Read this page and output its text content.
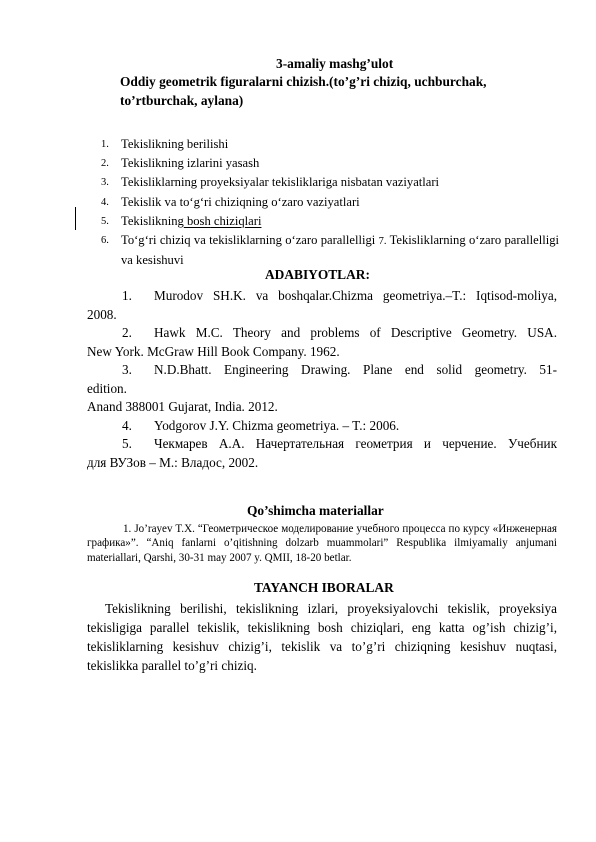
3-amaliy mashg’ulot
Oddiy geometrik figuralarni chizish.(to’g’ri chiziq, uchburchak,
to’rtburchak, aylana)
1. Tekislikning berilishi
2. Tekislikning izlarini yasash
3. Tekisliklarning proyeksiyalar tekisliklariga nisbatan vaziyatlari
4. Tekislik va to‘g‘ri chiziqning o‘zaro vaziyatlari
5. Tekislikning bosh chiziqlari
6. To‘g‘ri chiziq va tekisliklarning o‘zaro parallelligi 7. Tekisliklarning o‘zaro parallelligi va kesishuvi
ADABIYOTLAR:
1.	Murodov SH.K. va boshqalar.Chizma geometriya.–T.: Iqtisod-moliya,
2008.
2.	Hawk M.C. Theory and problems of Descriptive Geometry. USA.
New York. McGraw Hill Book Company. 1962.
3.	N.D.Bhatt. Engineering Drawing. Plane end solid geometry. 51-
edition.
Anand 388001 Gujarat, India. 2012.
4.	Yodgorov J.Y. Chizma geometriya. – T.: 2006.
5.	Чекмарев А.А. Начертательная геометрия и черчение. Учебник
для ВУЗов – М.: Владос, 2002.
Qo’shimcha materiallar
1. Jo’rayev T.X. “Геометрическое моделирование учебного процесса по курсу «Инженерная графика»”. “Aniq fanlarni o’qitishning dolzarb muammolari” Respublika ilmiyamaliy anjumani materiallari, Qarshi, 30-31 may 2007 y. QMII, 18-20 betlar.
TAYANCH IBORALAR
Tekislikning berilishi, tekislikning izlari, proyeksiyalovchi tekislik, proyeksiya tekisligiga parallel tekislik, tekislikning bosh chiziqlari, eng katta og’ish chizig’i, tekisliklarning kesishuv chizig’i, tekislik va to’g’ri chiziqning kesishuv nuqtasi, tekislikka parallel to’g’ri chiziq.
